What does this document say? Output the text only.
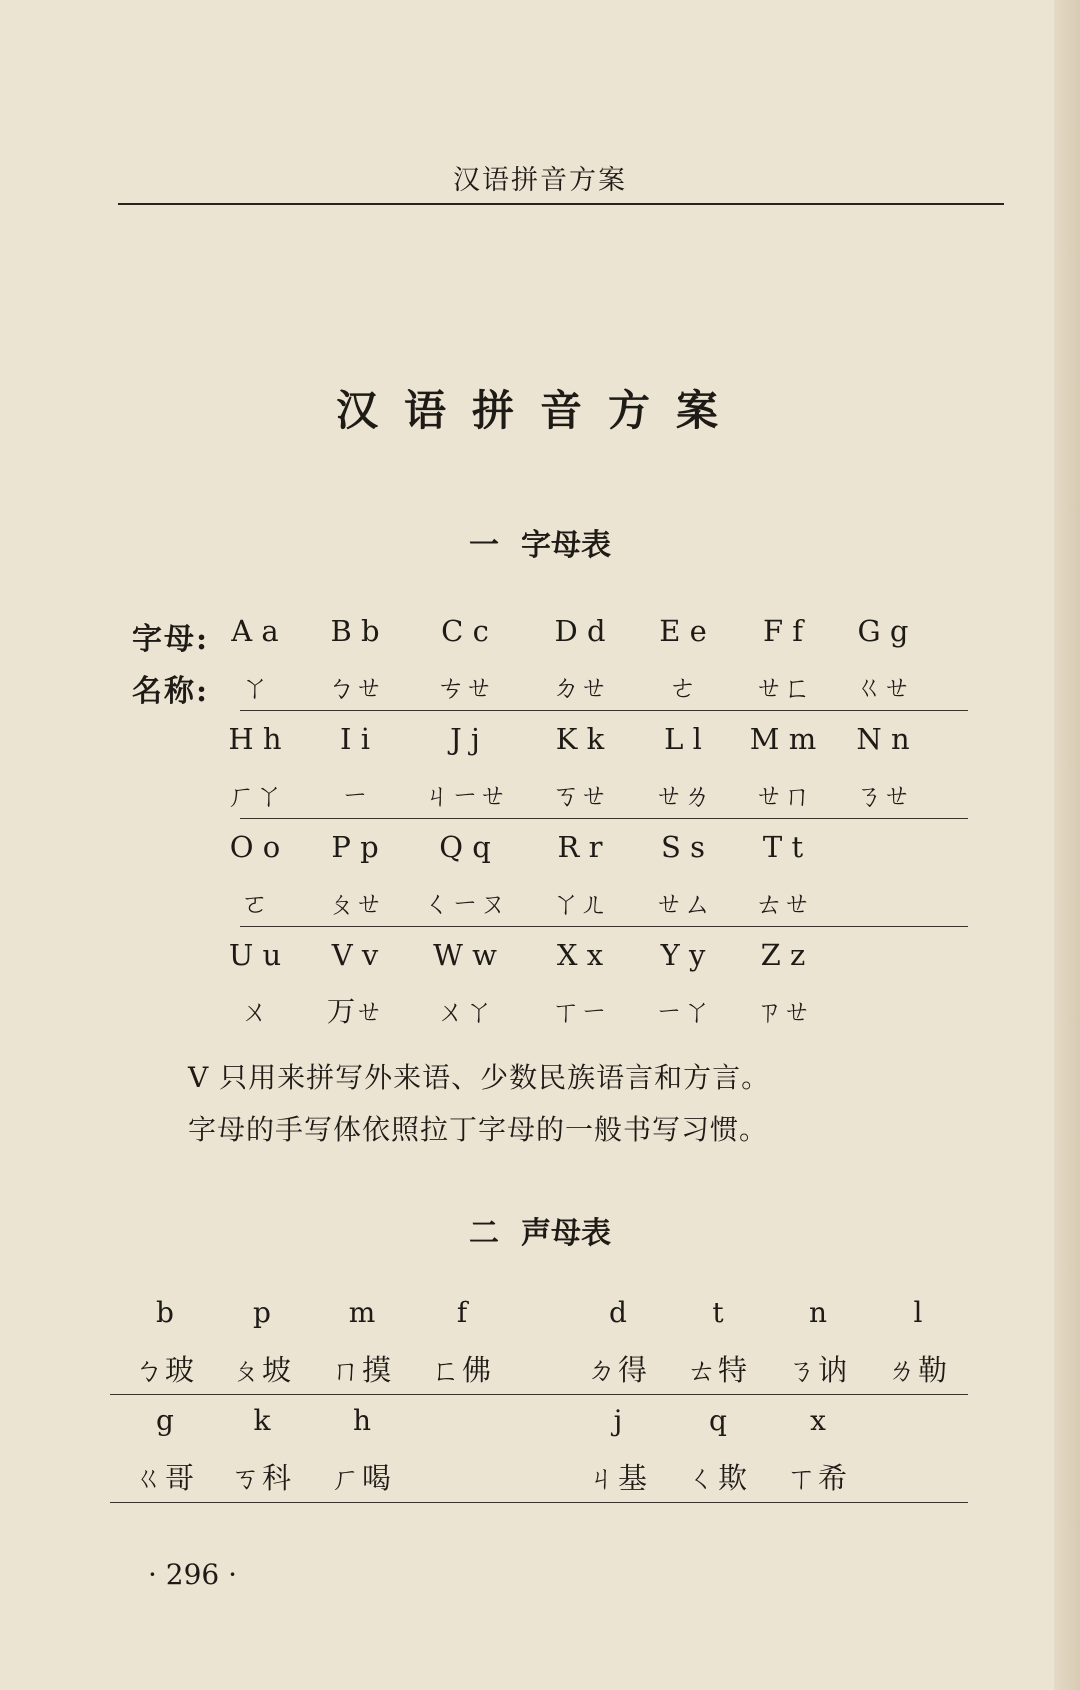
汉语拼音方案
汉语拼音方案
一 字母表
字母:
名称:
A a
ㄚ
B b
ㄅㄝ
C c
ㄘㄝ
D d
ㄉㄝ
E e
ㄜ
F f
ㄝㄈ
G g
ㄍㄝ
H h
ㄏㄚ
I i
ㄧ
J j
ㄐㄧㄝ
K k
ㄎㄝ
L l
ㄝㄌ
M m
ㄝㄇ
N n
ㄋㄝ
O o
ㄛ
P p
ㄆㄝ
Q q
ㄑㄧㄡ
R r
ㄚㄦ
S s
ㄝㄙ
T t
ㄊㄝ
U u
ㄨ
V v
ㄪㄝ
W w
ㄨㄚ
X x
ㄒㄧ
Y y
ㄧㄚ
Z z
ㄗㄝ
V 只用来拼写外来语、少数民族语言和方言。
字母的手写体依照拉丁字母的一般书写习惯。
二 声母表
b
ㄅ玻
p
ㄆ坡
m
ㄇ摸
f
ㄈ佛
d
ㄉ得
t
ㄊ特
n
ㄋ讷
l
ㄌ勒
g
ㄍ哥
k
ㄎ科
h
ㄏ喝
j
ㄐ基
q
ㄑ欺
x
ㄒ希
· 296 ·
